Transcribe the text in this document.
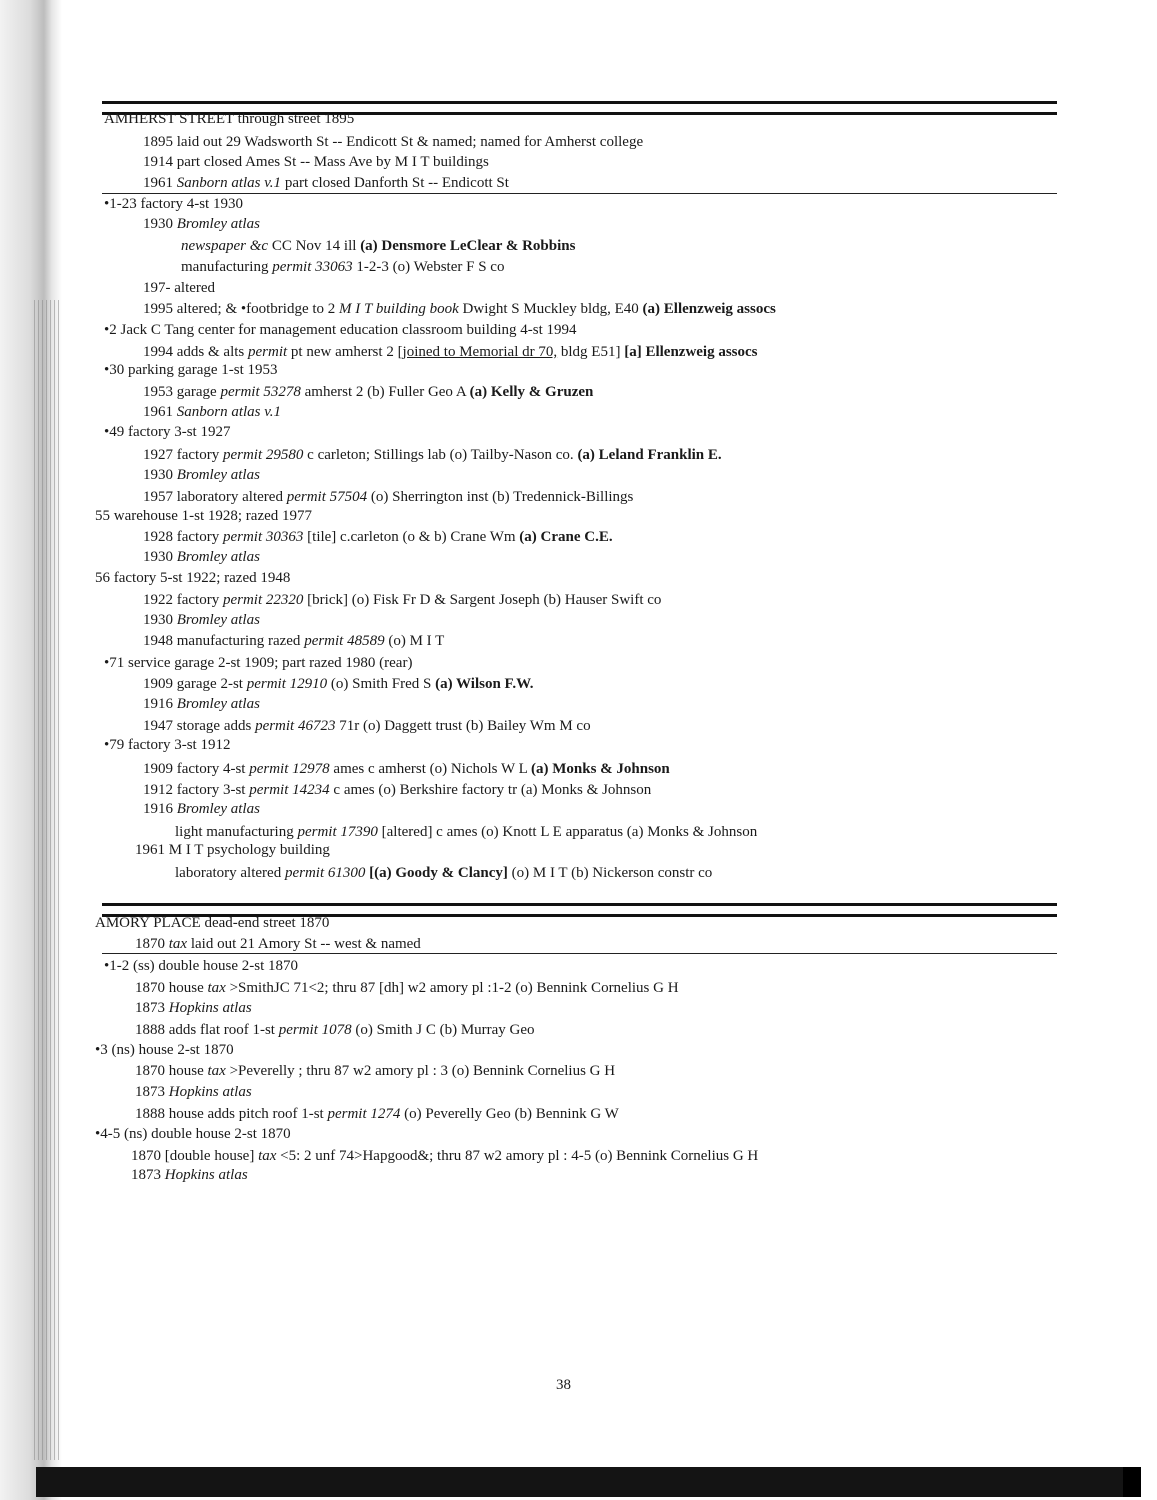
AMHERST STREET through street 1895
1895 laid out 29 Wadsworth St -- Endicott St & named; named for Amherst college
1914 part closed Ames St -- Mass Ave by M I T buildings
1961 Sanborn atlas v.1 part closed Danforth St -- Endicott St
•1-23 factory 4-st 1930
1930 Bromley atlas
newspaper &c CC Nov 14 ill (a) Densmore LeClear & Robbins
manufacturing permit 33063 1-2-3 (o) Webster F S co
197- altered
1995 altered; & •footbridge to 2 M I T building book Dwight S Muckley bldg, E40 (a) Ellenzweig assocs
•2 Jack C Tang center for management education classroom building 4-st 1994
1994 adds & alts permit pt new amherst 2 [joined to Memorial dr 70, bldg E51] [a] Ellenzweig assocs
•30 parking garage 1-st 1953
1953 garage permit 53278 amherst 2 (b) Fuller Geo A (a) Kelly & Gruzen
1961 Sanborn atlas v.1
•49 factory 3-st 1927
1927 factory permit 29580 c carleton; Stillings lab (o) Tailby-Nason co. (a) Leland Franklin E.
1930 Bromley atlas
1957 laboratory altered permit 57504 (o) Sherrington inst (b) Tredennick-Billings
55 warehouse 1-st 1928; razed 1977
1928 factory permit 30363 [tile] c.carleton (o & b) Crane Wm (a) Crane C.E.
1930 Bromley atlas
56 factory 5-st 1922; razed 1948
1922 factory permit 22320 [brick] (o) Fisk Fr D & Sargent Joseph (b) Hauser Swift co
1930 Bromley atlas
1948 manufacturing razed permit 48589 (o) M I T
•71 service garage 2-st 1909; part razed 1980 (rear)
1909 garage 2-st permit 12910 (o) Smith Fred S (a) Wilson F.W.
1916 Bromley atlas
1947 storage adds permit 46723 71r (o) Daggett trust (b) Bailey Wm M co
•79 factory 3-st 1912
1909 factory 4-st permit 12978 ames c amherst (o) Nichols W L (a) Monks & Johnson
1912 factory 3-st permit 14234 c ames (o) Berkshire factory tr (a) Monks & Johnson
1916 Bromley atlas
light manufacturing permit 17390 [altered] c ames (o) Knott L E apparatus (a) Monks & Johnson
1961 M I T psychology building
laboratory altered permit 61300 [(a) Goody & Clancy] (o) M I T (b) Nickerson constr co
AMORY PLACE dead-end street 1870
1870 tax laid out 21 Amory St -- west & named
•1-2 (ss) double house 2-st 1870
1870 house tax >SmithJC 71<2; thru 87 [dh] w2 amory pl :1-2 (o) Bennink Cornelius G H
1873 Hopkins atlas
1888 adds flat roof 1-st permit 1078 (o) Smith J C (b) Murray Geo
•3 (ns) house 2-st 1870
1870 house tax >Peverelly ; thru 87 w2 amory pl : 3 (o) Bennink Cornelius G H
1873 Hopkins atlas
1888 house adds pitch roof 1-st permit 1274 (o) Peverelly Geo (b) Bennink G W
•4-5 (ns) double house 2-st 1870
1870 [double house] tax <5: 2 unf 74>Hapgood&; thru 87 w2 amory pl : 4-5 (o) Bennink Cornelius G H
1873 Hopkins atlas
38
